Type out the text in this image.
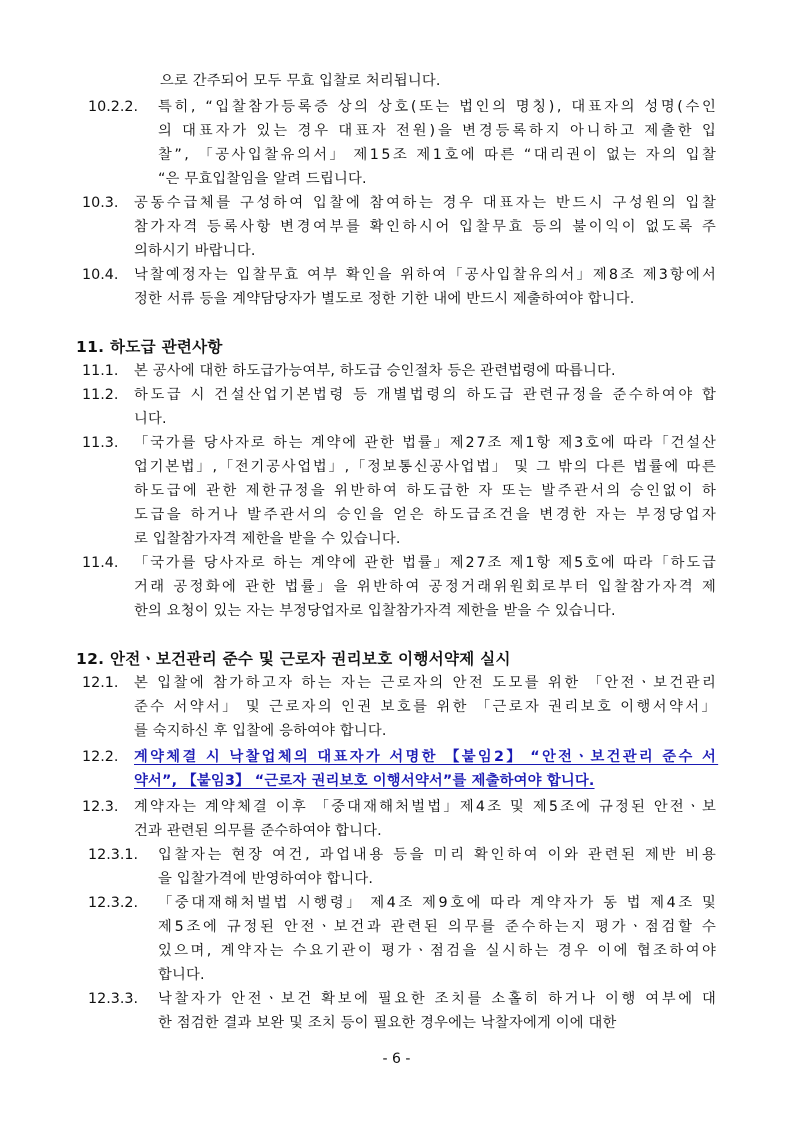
- 6 -
으로 간주되어 모두 무효 입찰로 처리됩니다.
10.2.2. 특히, “입찰참가등록증 상의 상호(또는 법인의 명칭), 대표자의 성명(수인
의 대표자가 있는 경우 대표자 전원)을 변경등록하지 아니하고 제출한 입
찰”, 「공사입찰유의서」 제15조 제1호에 따른 “대리권이 없는 자의 입찰
“은 무효입찰임을 알려 드립니다.
10.3. 공동수급체를 구성하여 입찰에 참여하는 경우 대표자는 반드시 구성원의 입찰
참가자격 등록사항 변경여부를 확인하시어 입찰무효 등의 불이익이 없도록 주
의하시기 바랍니다.
10.4. 낙찰예정자는 입찰무효 여부 확인을 위하여「공사입찰유의서」제8조 제3항에서
정한 서류 등을 계약담당자가 별도로 정한 기한 내에 반드시 제출하여야 합니다.
11. 하도급 관련사항
11.1. 본 공사에 대한 하도급가능여부, 하도급 승인절차 등은 관련법령에 따릅니다.
11.2. 하도급 시 건설산업기본법령 등 개별법령의 하도급 관련규정을 준수하여야 합
니다.
11.3. 「국가를 당사자로 하는 계약에 관한 법률」제27조 제1항 제3호에 따라「건설산
업기본법」,「전기공사업법」,「정보통신공사업법」 및 그 밖의 다른 법률에 따른
하도급에 관한 제한규정을 위반하여 하도급한 자 또는 발주관서의 승인없이 하
도급을 하거나 발주관서의 승인을 얻은 하도급조건을 변경한 자는 부정당업자
로 입찰참가자격 제한을 받을 수 있습니다.
11.4. 「국가를 당사자로 하는 계약에 관한 법률」제27조 제1항 제5호에 따라「하도급
거래 공정화에 관한 법률」을 위반하여 공정거래위원회로부터 입찰참가자격 제
한의 요청이 있는 자는 부정당업자로 입찰참가자격 제한을 받을 수 있습니다.
12. 안전ㆍ보건관리 준수 및 근로자 권리보호 이행서약제 실시
12.1. 본 입찰에 참가하고자 하는 자는 근로자의 안전 도모를 위한 「안전ㆍ보건관리
준수 서약서」 및 근로자의 인권 보호를 위한 「근로자 권리보호 이행서약서」
를 숙지하신 후 입찰에 응하여야 합니다.
12.2. 계약체결 시 낙찰업체의 대표자가 서명한 【붙임2】 “안전ㆍ보건관리 준수 서
약서”, 【붙임3】 “근로자 권리보호 이행서약서”를 제출하여야 합니다.
12.3. 계약자는 계약체결 이후 「중대재해처벌법」제4조 및 제5조에 규정된 안전ㆍ보
건과 관련된 의무를 준수하여야 합니다.
12.3.1. 입찰자는 현장 여건, 과업내용 등을 미리 확인하여 이와 관련된 제반 비용
을 입찰가격에 반영하여야 합니다.
12.3.2. 「중대재해처벌법 시행령」 제4조 제9호에 따라 계약자가 동 법 제4조 및
제5조에 규정된 안전ㆍ보건과 관련된 의무를 준수하는지 평가ㆍ점검할 수
있으며, 계약자는 수요기관이 평가ㆍ점검을 실시하는 경우 이에 협조하여야
합니다.
12.3.3. 낙찰자가 안전ㆍ보건 확보에 필요한 조치를 소홀히 하거나 이행 여부에 대
한 점검한 결과 보완 및 조치 등이 필요한 경우에는 낙찰자에게 이에 대한
